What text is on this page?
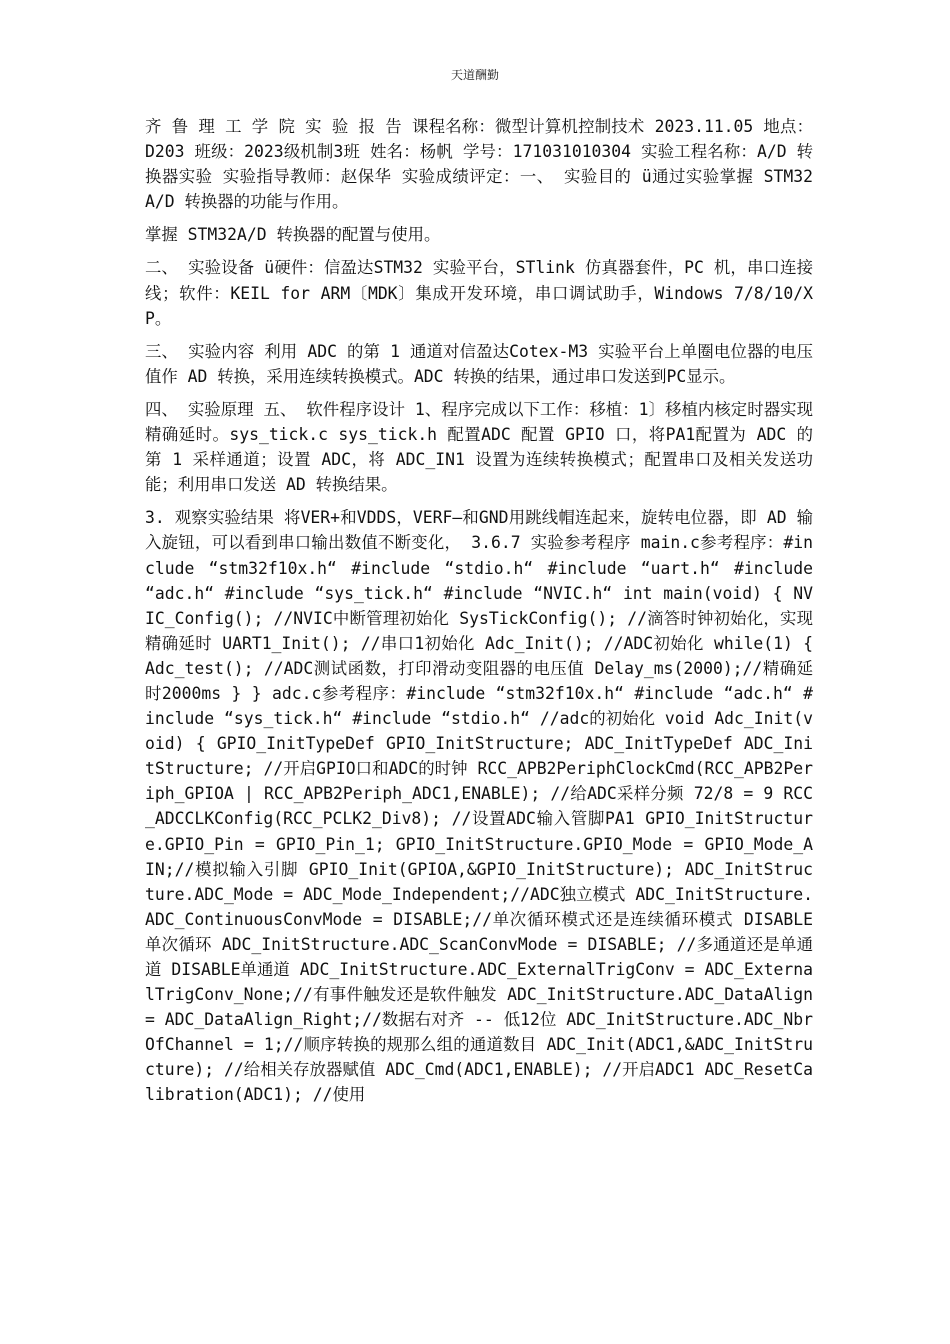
天道酬勤

齐 鲁 理 工 学 院 实 验 报 告 课程名称：微型计算机控制技术 2023.11.05 地点：D203 班级：2023级机制3班 姓名：杨帆 学号：171031010304 实验工程名称：A/D 转换器实验 实验指导教师：赵保华 实验成绩评定：一、 实验目的 ü通过实验掌握 STM32 A/D 转换器的功能与作用。

掌握 STM32A/D 转换器的配置与使用。

二、 实验设备 ü硬件：信盈达STM32 实验平台，STlink 仿真器套件，PC 机，串口连接线；软件：KEIL for ARM〔MDK〕集成开发环境，串口调试助手，Windows 7/8/10/XP。

三、 实验内容 利用 ADC 的第 1 通道对信盈达Cotex-M3 实验平台上单圈电位器的电压值作 AD 转换，采用连续转换模式。ADC 转换的结果，通过串口发送到PC显示。

四、 实验原理 五、 软件程序设计 1、程序完成以下工作：移植：1〕移植内核定时器实现精确延时。sys_tick.c sys_tick.h 配置ADC 配置 GPIO 口，将PA1配置为 ADC 的第 1 采样通道；设置 ADC，将 ADC_IN1 设置为连续转换模式；配置串口及相关发送功能；利用串口发送 AD 转换结果。

3. 观察实验结果 将VER+和VDDS，VERF—和GND用跳线帽连起来，旋转电位器，即 AD 输入旋钮，可以看到串口输出数值不断变化， 3.6.7 实验参考程序 main.c参考程序：#include “stm32f10x.h“ #include “stdio.h“ #include “uart.h“ #include “adc.h“ #include “sys_tick.h“ #include “NVIC.h“ int main(void) { NVIC_Config(); //NVIC中断管理初始化 SysTickConfig(); //滴答时钟初始化，实现精确延时 UART1_Init(); //串口1初始化 Adc_Init(); //ADC初始化 while(1) { Adc_test(); //ADC测试函数，打印滑动变阻器的电压值 Delay_ms(2000);//精确延时2000ms } } adc.c参考程序：#include “stm32f10x.h“ #include “adc.h“ #include “sys_tick.h“ #include “stdio.h“ //adc的初始化 void Adc_Init(void) { GPIO_InitTypeDef GPIO_InitStructure; ADC_InitTypeDef ADC_InitStructure; //开启GPIO口和ADC的时钟 RCC_APB2PeriphClockCmd(RCC_APB2Periph_GPIOA | RCC_APB2Periph_ADC1,ENABLE); //给ADC采样分频 72/8 = 9 RCC_ADCCLKConfig(RCC_PCLK2_Div8); //设置ADC输入管脚PA1 GPIO_InitStructure.GPIO_Pin = GPIO_Pin_1; GPIO_InitStructure.GPIO_Mode = GPIO_Mode_AIN;//模拟输入引脚 GPIO_Init(GPIOA,&GPIO_InitStructure); ADC_InitStructure.ADC_Mode = ADC_Mode_Independent;//ADC独立模式 ADC_InitStructure.ADC_ContinuousConvMode = DISABLE;//单次循环模式还是连续循环模式 DISABLE单次循环 ADC_InitStructure.ADC_ScanConvMode = DISABLE; //多通道还是单通道 DISABLE单通道 ADC_InitStructure.ADC_ExternalTrigConv = ADC_ExternalTrigConv_None;//有事件触发还是软件触发 ADC_InitStructure.ADC_DataAlign = ADC_DataAlign_Right;//数据右对齐 -- 低12位 ADC_InitStructure.ADC_NbrOfChannel = 1;//顺序转换的规那么组的通道数目 ADC_Init(ADC1,&ADC_InitStructure); //给相关存放器赋值 ADC_Cmd(ADC1,ENABLE); //开启ADC1 ADC_ResetCalibration(ADC1); //使用
